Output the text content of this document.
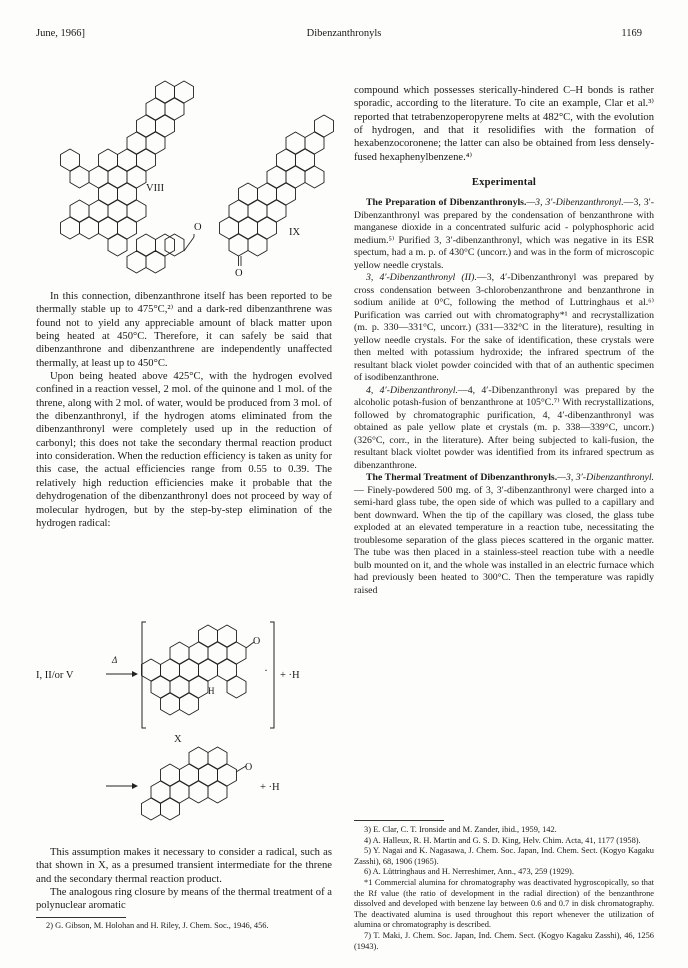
June, 1966]	Dibenzanthronyls	1169
VIII
O	IX
O

In this connection, dibenzanthrone itself has been reported to be thermally stable up to 475°C,²⁾ and a dark-red dibenzanthrene was found not to yield any appreciable amount of black matter upon being heated at 450°C. Therefore, it can safely be said that dibenzanthrone and dibenzanthrene are independently unaffected thermally, at least up to 450°C.

Upon being heated above 425°C, with the hydrogen evolved confined in a reaction vessel, 2 mol. of the quinone and 1 mol. of the threne, along with 2 mol. of water, would be produced from 3 mol. of the dibenzanthronyl, if the hydrogen atoms eliminated from the dibenzanthronyl were completely used up in the reduction of carbonyl; this does not take the secondary thermal reaction product into consideration. When the reduction efficiency is taken as unity for this case, the actual efficiencies range from 0.55 to 0.39. The relatively high reduction efficiencies make it probable that the dehydrogenation of the dibenzanthronyl does not proceed by way of molecular hydrogen, but by the step-by-step elimination of the hydrogen radical:

I, II/or V
Δ
O
H
· + ·H
X
O
+ ·H

This assumption makes it necessary to consider a radical, such as that shown in X, as a presumed transient intermediate for the threne and the secondary thermal reaction product.

The analogous ring closure by means of the thermal treatment of a polynuclear aromatic

2) G. Gibson, M. Holohan and H. Riley, J. Chem. Soc., 1946, 456.

compound which possesses sterically-hindered C–H bonds is rather sporadic, according to the literature. To cite an example, Clar et al.³⁾ reported that tetrabenzoperopyrene melts at 482°C, with the evolution of hydrogen, and that it resolidifies with the formation of hexabenzocoronene; the latter can also be obtained from less densely-fused hexaphenylbenzene.⁴⁾

Experimental

The Preparation of Dibenzanthronyls.—3, 3′-Dibenzanthronyl.—3, 3′-Dibenzanthronyl was prepared by the condensation of benzanthrone with manganese dioxide in a concentrated sulfuric acid - polyphosphoric acid medium.⁵⁾ Purified 3, 3′-dibenzanthronyl, which was negative in its ESR spectum, had a m. p. of 430°C (uncorr.) and was in the form of microscopic yellow needle crystals.

3, 4′-Dibenzanthronyl (II).—3, 4′-Dibenzanthronyl was prepared by cross condensation between 3-chlorobenzanthrone and benzanthrone in sodium anilide at 0°C, following the method of Luttringhaus et al.⁶⁾ Purification was carried out with chromatography*¹ and recrystallization (m. p. 330—331°C, uncorr.) (331—332°C in the literature), resulting in yellow needle crystals. For the sake of identification, these crystals were then melted with potassium hydroxide; the infrared spectrum of the resultant black violet powder coincided with that of an authentic specimen of isodibenzanthrone.

4, 4′-Dibenzanthronyl.—4, 4′-Dibenzanthronyl was prepared by the alcoholic potash-fusion of benzanthrone at 105°C.⁷⁾ With recrystallizations, followed by chromatographic purification, 4, 4′-dibenzanthronyl was obtained as pale yellow plate et crystals (m. p. 338—339°C, uncorr.) (326°C, corr., in the literature). After being subjected to kali-fusion, the resultant black violtet powder was identified from its infrared spectrum as dibenzanthrone.

The Thermal Treatment of Dibenzanthronyls.—3, 3′-Dibenzanthronyl. — Finely-powdered 500 mg. of 3, 3′-dibenzanthronyl were charged into a semi-hard glass tube, the open side of which was pulled to a capillary and bent downward. When the tip of the capillary was closed, the glass tube exploded at an elevated temperature in a reaction tube, necessitating the troublesome separation of the glass pieces scattered in the organic matter. The tube was then placed in a stainless-steel reaction tube with a needle bulb mounted on it, and the whole was installed in an electric furnace which had previously been heated to 300°C. Then the temperature was rapidly raised

3) E. Clar, C. T. Ironside and M. Zander, ibid., 1959, 142.

4) A. Halleux, R. H. Martin and G. S. D. King, Helv. Chim. Acta, 41, 1177 (1958).

5) Y. Nagai and K. Nagasawa, J. Chem. Soc. Japan, Ind. Chem. Sect. (Kogyo Kagaku Zasshi), 68, 1906 (1965).

6) A. Lüttringhaus and H. Nerreshimer, Ann., 473, 259 (1929).

*1 Commercial alumina for chromatography was deactivated hygroscopically, so that the Rf value (the ratio of development in the radial direction) of the benzanthrone dissolved and developed with benzene lay between 0.6 and 0.7 in disk chromatography. The deactivated alumina is used throughout this report whenever the utilization of alumina or chromatography is described.

7) T. Maki, J. Chem. Soc. Japan, Ind. Chem. Sect. (Kogyo Kagaku Zasshi), 46, 1256 (1943).
